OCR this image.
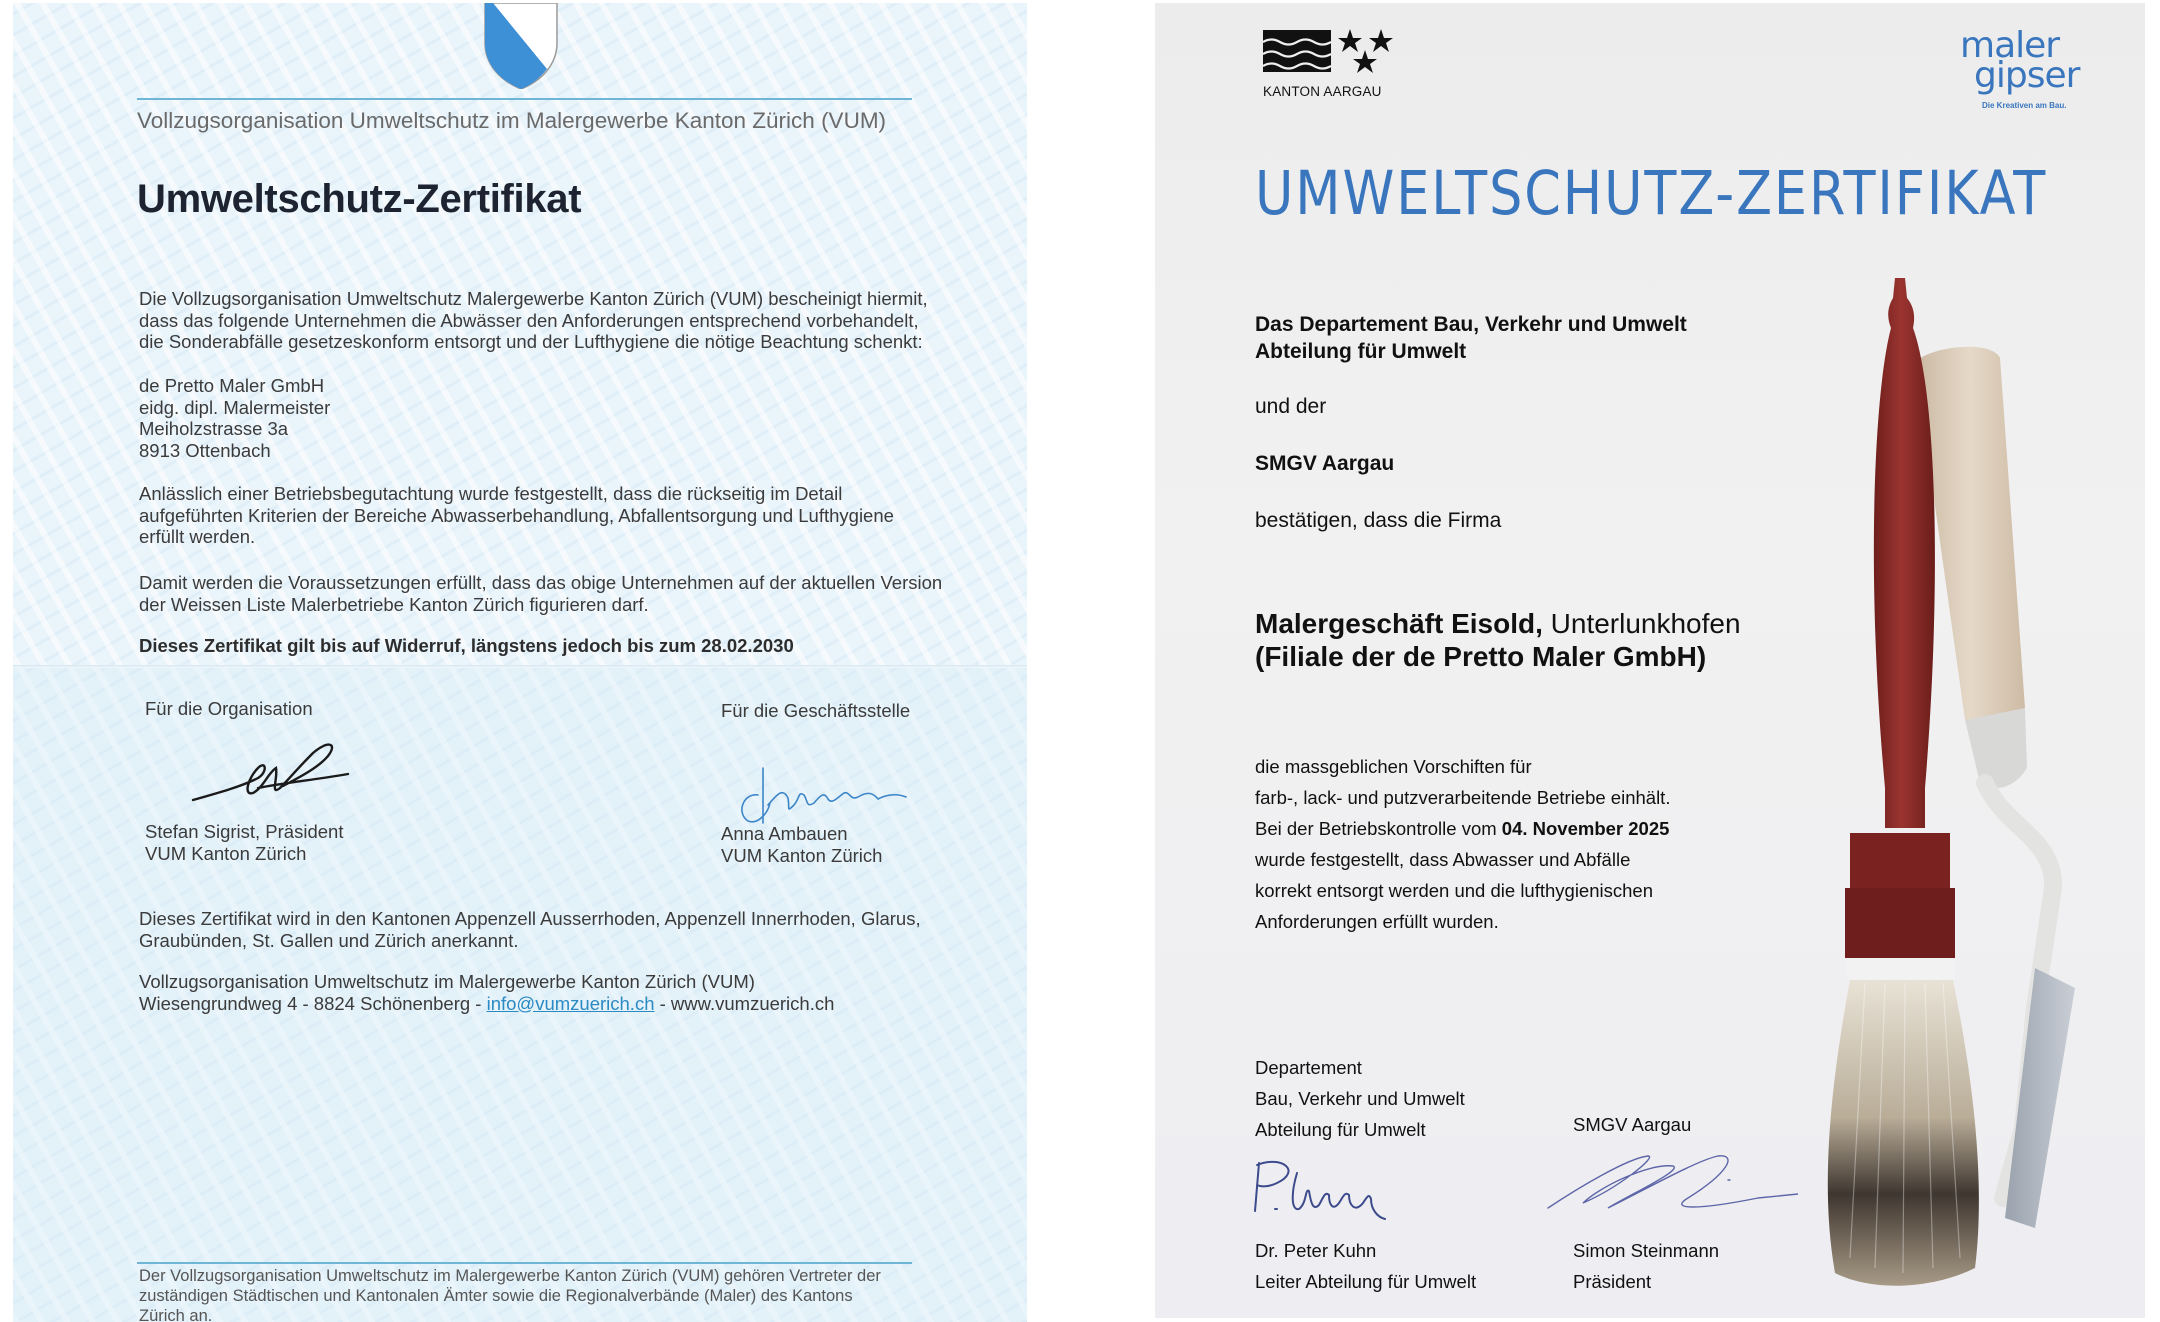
Vollzugsorganisation Umweltschutz im Malergewerbe Kanton Zürich (VUM)
Umweltschutz-Zertifikat
Die Vollzugsorganisation Umweltschutz Malergewerbe Kanton Zürich (VUM) bescheinigt hiermit,
dass das folgende Unternehmen die Abwässer den Anforderungen entsprechend vorbehandelt,
die Sonderabfälle gesetzeskonform entsorgt und der Lufthygiene die nötige Beachtung schenkt:
de Pretto Maler GmbH
eidg. dipl. Malermeister
Meiholzstrasse 3a
8913 Ottenbach
Anlässlich einer Betriebsbegutachtung wurde festgestellt, dass die rückseitig im Detail
aufgeführten Kriterien der Bereiche Abwasserbehandlung, Abfallentsorgung und Lufthygiene
erfüllt werden.
Damit werden die Voraussetzungen erfüllt, dass das obige Unternehmen auf der aktuellen Version
der Weissen Liste Malerbetriebe Kanton Zürich figurieren darf.
Dieses Zertifikat gilt bis auf Widerruf, längstens jedoch bis zum 28.02.2030
Für die Organisation	Für die Geschäftsstelle
Stefan Sigrist, Präsident
VUM Kanton Zürich
Anna Ambauen
VUM Kanton Zürich
Dieses Zertifikat wird in den Kantonen Appenzell Ausserrhoden, Appenzell Innerrhoden, Glarus,
Graubünden, St. Gallen und Zürich anerkannt.
Vollzugsorganisation Umweltschutz im Malergewerbe Kanton Zürich (VUM)
Wiesengrundweg 4 - 8824 Schönenberg - info@vumzuerich.ch - www.vumzuerich.ch
Der Vollzugsorganisation Umweltschutz im Malergewerbe Kanton Zürich (VUM) gehören Vertreter der
zuständigen Städtischen und Kantonalen Ämter sowie die Regionalverbände (Maler) des Kantons
Zürich an.
KANTON AARGAU
maler
gipser
Die Kreativen am Bau.
UMWELTSCHUTZ-ZERTIFIKAT
Das Departement Bau, Verkehr und Umwelt
Abteilung für Umwelt
und der
SMGV Aargau
bestätigen, dass die Firma
Malergeschäft Eisold, Unterlunkhofen
(Filiale der de Pretto Maler GmbH)
die massgeblichen Vorschiften für
farb-, lack- und putzverarbeitende Betriebe einhält.
Bei der Betriebskontrolle vom 04. November 2025
wurde festgestellt, dass Abwasser und Abfälle
korrekt entsorgt werden und die lufthygienischen
Anforderungen erfüllt wurden.
Departement
Bau, Verkehr und Umwelt
Abteilung für Umwelt	SMGV Aargau
Dr. Peter Kuhn
Leiter Abteilung für Umwelt
Simon Steinmann
Präsident
